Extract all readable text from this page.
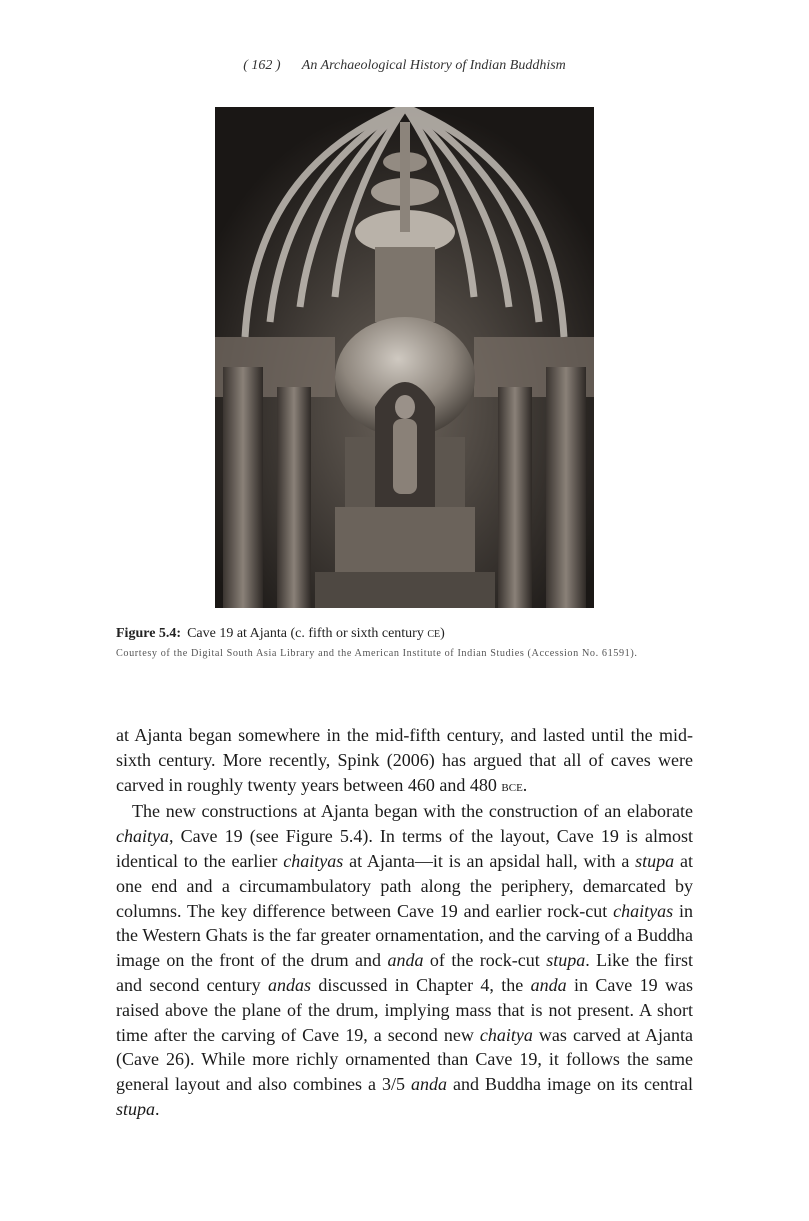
( 162 ) An Archaeological History of Indian Buddhism

Figure 5.4: Cave 19 at Ajanta (c. fifth or sixth century ce)

Courtesy of the Digital South Asia Library and the American Institute of Indian Studies (Accession No. 61591).

at Ajanta began somewhere in the mid-fifth century, and lasted until the mid-sixth century. More recently, Spink (2006) has argued that all of caves were carved in roughly twenty years between 460 and 480 bce.

The new constructions at Ajanta began with the construction of an elaborate chaitya, Cave 19 (see Figure 5.4). In terms of the layout, Cave 19 is almost identical to the earlier chaityas at Ajanta—it is an apsidal hall, with a stupa at one end and a circumambulatory path along the periphery, demarcated by columns. The key difference between Cave 19 and earlier rock-cut chaityas in the Western Ghats is the far greater ornamentation, and the carving of a Buddha image on the front of the drum and anda of the rock-cut stupa. Like the first and second century andas discussed in Chapter 4, the anda in Cave 19 was raised above the plane of the drum, implying mass that is not present. A short time after the carving of Cave 19, a second new chaitya was carved at Ajanta (Cave 26). While more richly ornamented than Cave 19, it follows the same general layout and also combines a 3/5 anda and Buddha image on its central stupa.
